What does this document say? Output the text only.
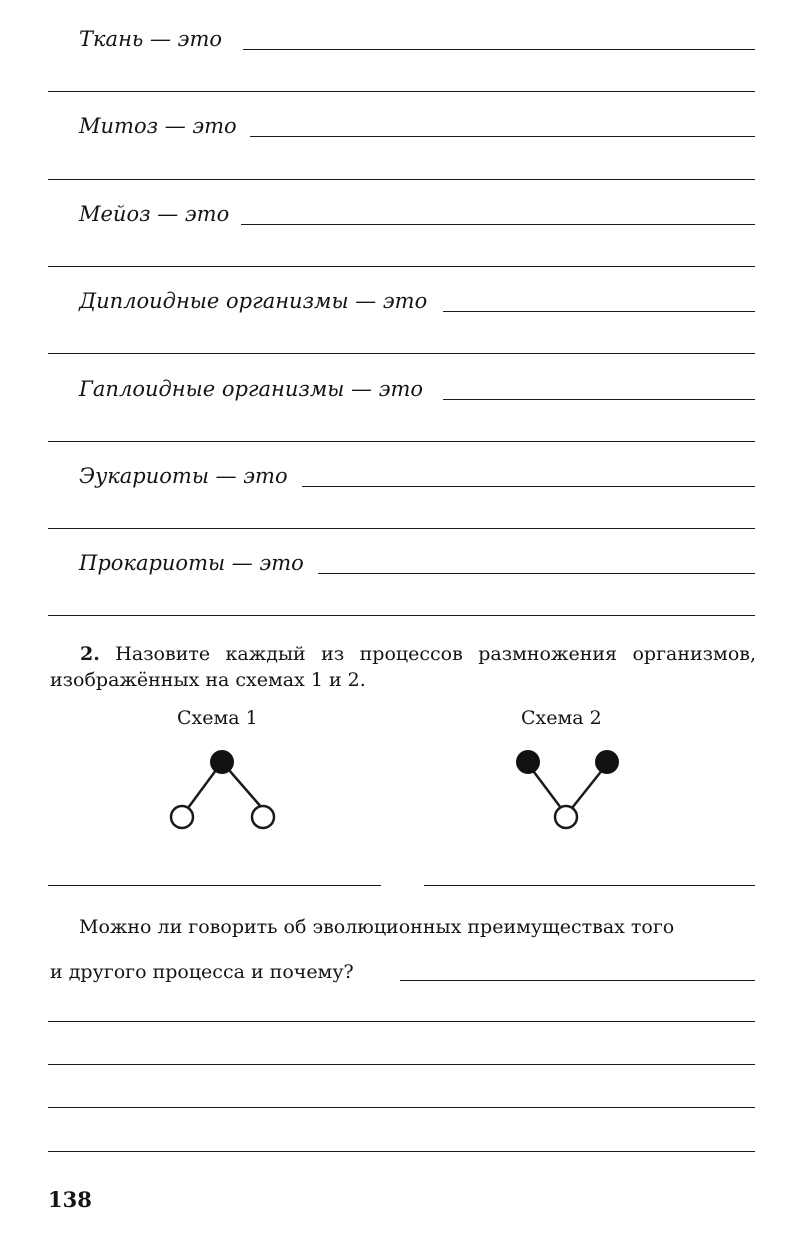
Ткань — это
Митоз — это
Мейоз — это
Диплоидные организмы — это
Гаплоидные организмы — это
Эукариоты — это
Прокариоты — это
2. Назовите каждый из процессов размножения организмов, изображённых на схемах 1 и 2.
Схема 1	Схема 2
Можно ли говорить об эволюционных преимуществах того
и другого процесса и почему?
138
